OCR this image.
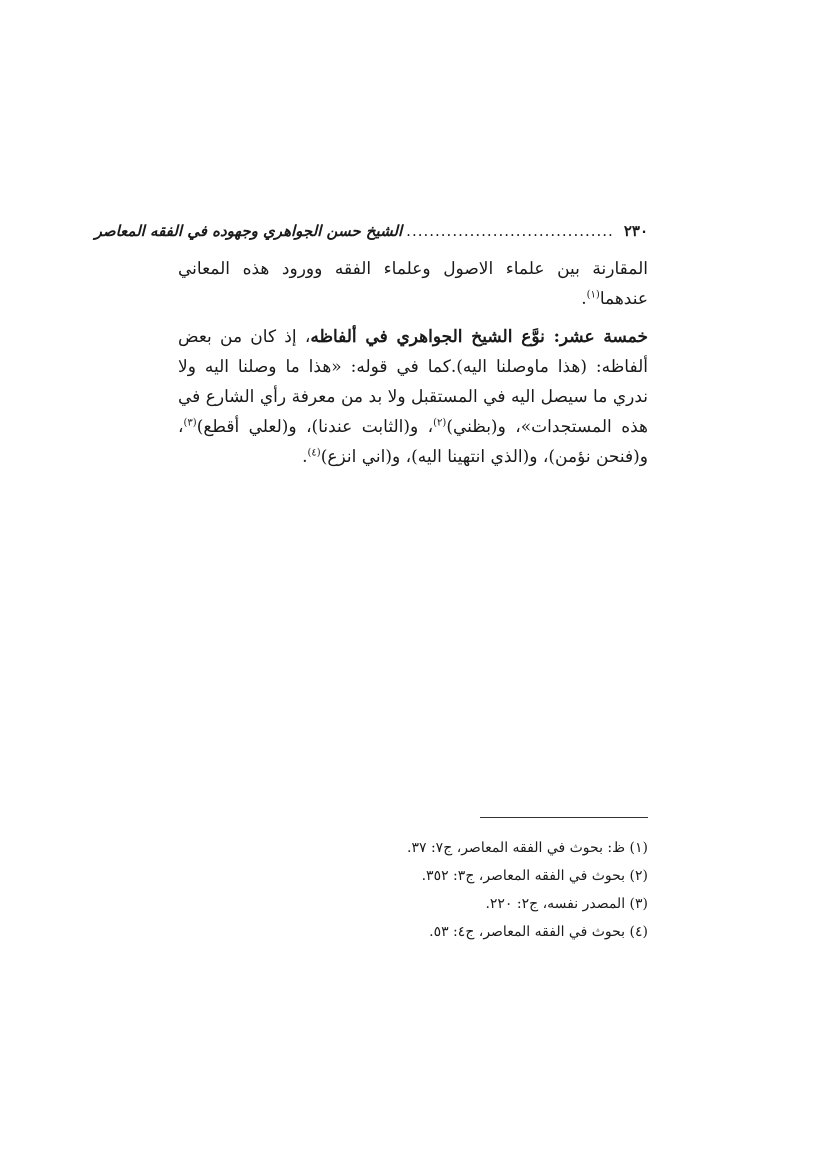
٢٣٠
....................................
الشيخ حسن الجواهري وجهوده في الفقه المعاصر

المقارنة بين علماء الاصول وعلماء الفقه وورود هذه المعاني عندهما$^{(١)}$.

خمسة عشر: نوَّع الشيخ الجواهري في ألفاظه، إذ كان من بعض ألفاظه: (هذا ماوصلنا اليه).كما في قوله: «هذا ما وصلنا اليه ولا ندري ما سيصل اليه في المستقبل ولا بد من معرفة رأي الشارع في هذه المستجدات»، و(بظني)$^{(٢)}$، و(الثابت عندنا)، و(لعلي أقطع)$^{(٣)}$، و(فنحن نؤمن)، و(الذي انتهينا اليه)، و(اني انزع)$^{(٤)}$.

(١) ظ: بحوث في الفقه المعاصر، ج٧: ٣٧.
(٢) بحوث في الفقه المعاصر، ج٣: ٣٥٢.
(٣) المصدر نفسه، ج٢: ٢٢٠.
(٤) بحوث في الفقه المعاصر، ج٤: ٥٣.
